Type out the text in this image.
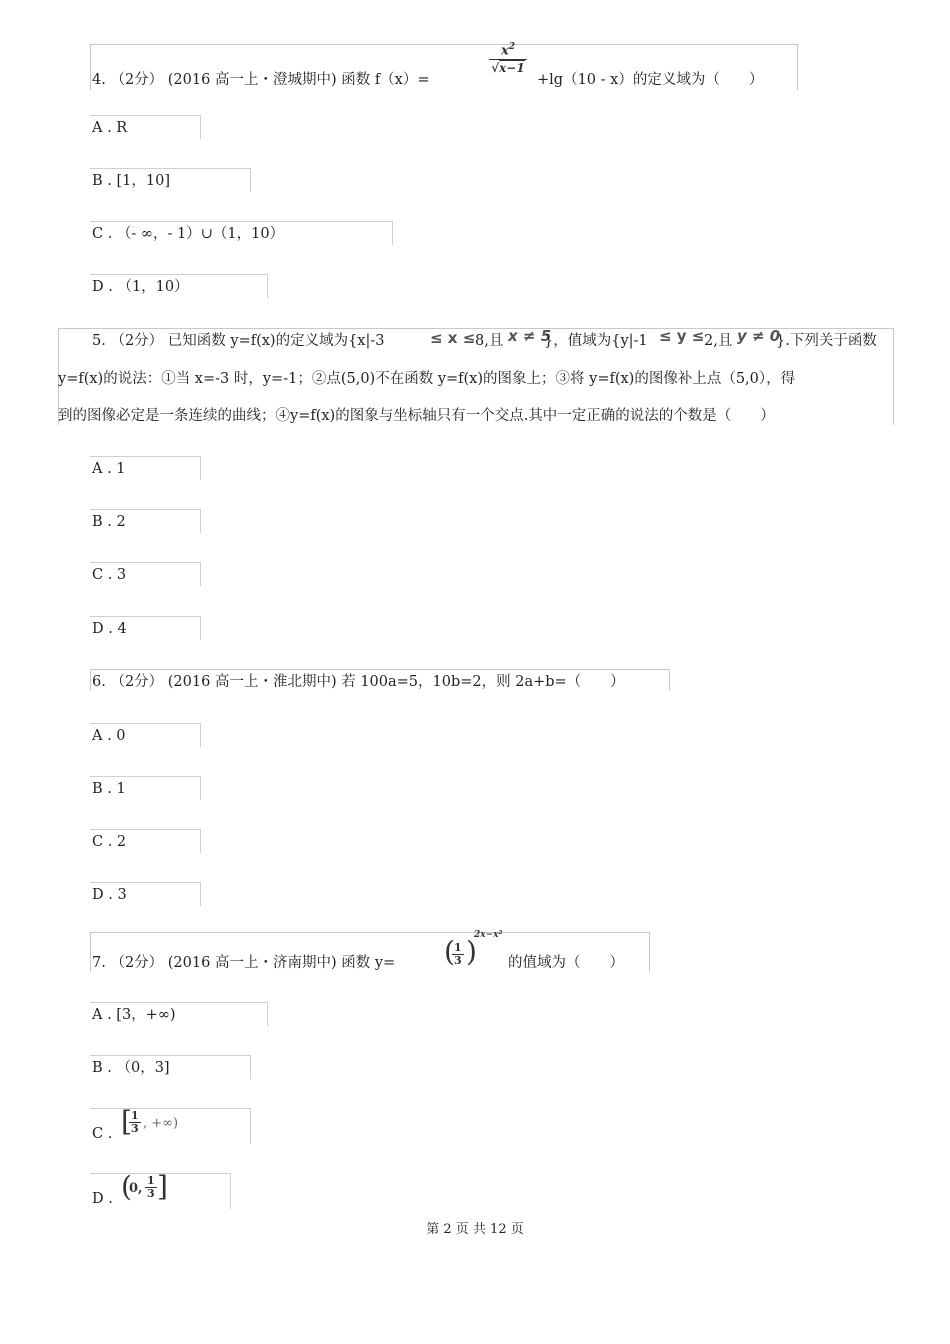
4. （2分） (2016 高一上・澄城期中) 函数 f（x）=
$x^2$
√x−1
+lg（10 - x）的定义域为（　　）
A . R
B . [1，10]
C . （- ∞，- 1）∪（1，10）
D . （1，10）
5. （2分） 已知函数 y=f(x)的定义域为{x|-3	≤ x ≤ 8,且 x ≠ 5
}，值域为{y|-1 ≤ y ≤ 2,且 y ≠ 0
}.下列关于函数
y=f(x)的说法：①当 x=-3 时，y=-1；②点(5,0)不在函数 y=f(x)的图象上；③将 y=f(x)的图像补上点（5,0），得
到的图像必定是一条连续的曲线；④y=f(x)的图象与坐标轴只有一个交点.其中一定正确的说法的个数是（　　）
A . 1
B . 2
C . 3
D . 4
6. （2分） (2016 高一上・淮北期中) 若 100a=5，10b=2，则 2a+b=（　　）
A . 0
B . 1
C . 2
D . 3
7. （2分） (2016 高一上・济南期中) 函数 y= (
$\frac{1}{3}$ )
2x−x²
的值域为（　　）
A . [3，+∞)
B . （0，3]
C . [
$\frac{1}{3}$ , +∞)
D . (
0, $\frac{1}{3}$ ]
第 2 页 共 12 页
